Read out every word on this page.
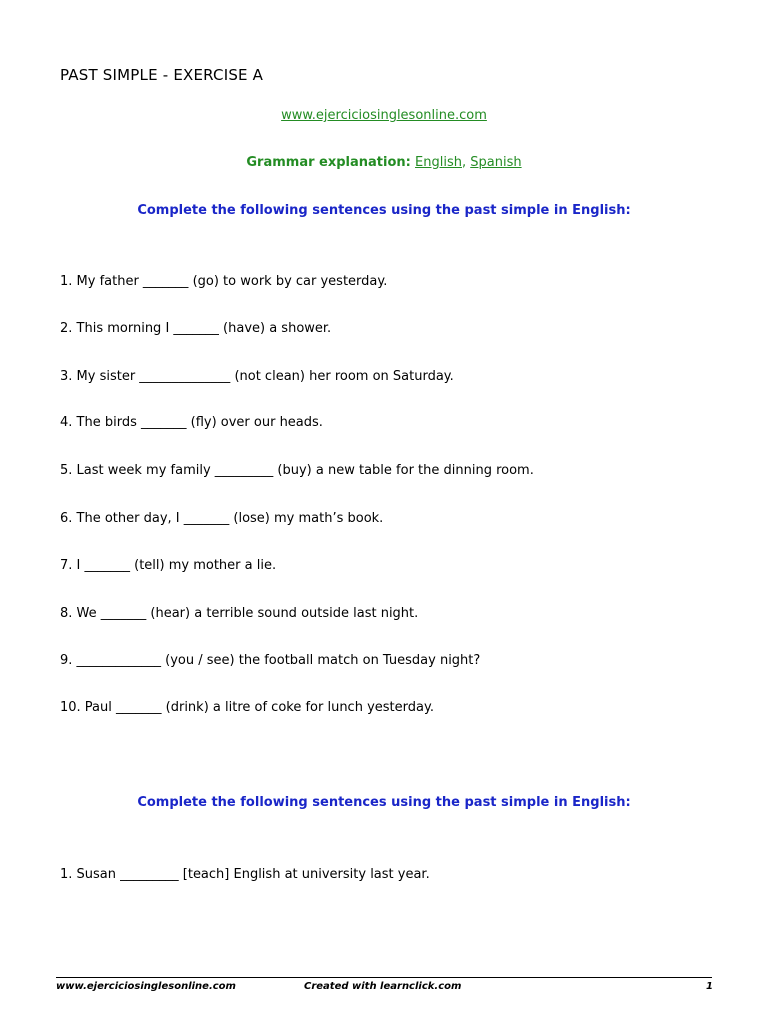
PAST SIMPLE - EXERCISE A
www.ejerciciosinglesonline.com
Grammar explanation: English, Spanish
Complete the following sentences using the past simple in English:
1. My father _______ (go) to work by car yesterday.
2. This morning I _______ (have) a shower.
3. My sister ______________ (not clean) her room on Saturday.
4. The birds _______ (fly) over our heads.
5. Last week my family _________ (buy) a new table for the dinning room.
6. The other day, I _______ (lose) my math’s book.
7. I _______ (tell) my mother a lie.
8. We _______ (hear) a terrible sound outside last night.
9. _____________ (you / see) the football match on Tuesday night?
10. Paul _______ (drink) a litre of coke for lunch yesterday.
Complete the following sentences using the past simple in English:
1. Susan _________ [teach] English at university last year.
www.ejerciciosinglesonline.com	Created with learnclick.com	1
